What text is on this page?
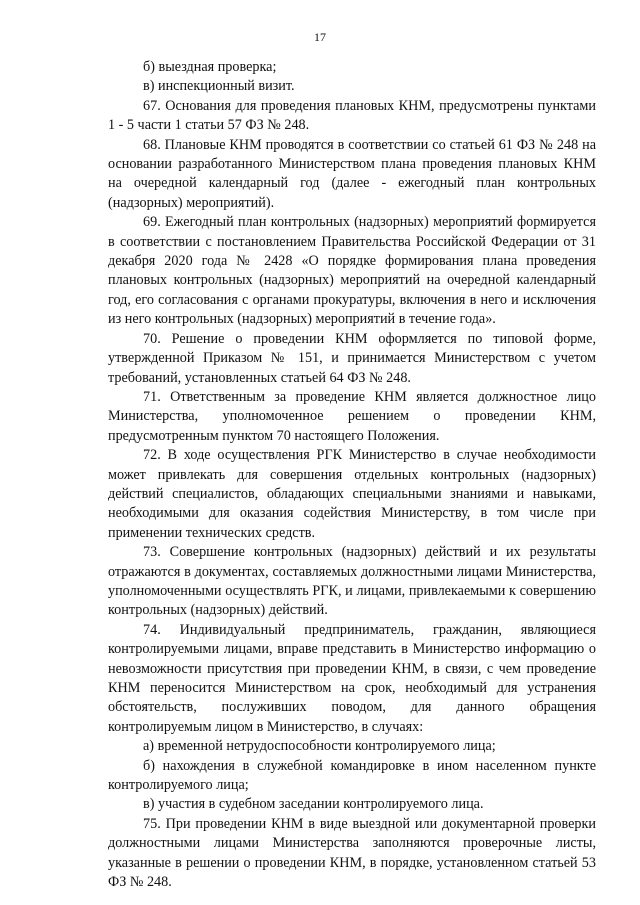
17

б) выездная проверка;

в) инспекционный визит.

67. Основания для проведения плановых КНМ, предусмотрены пунктами 1 - 5 части 1 статьи 57 ФЗ № 248.

68. Плановые КНМ проводятся в соответствии со статьей 61 ФЗ № 248 на основании разработанного Министерством плана проведения плановых КНМ на очередной календарный год (далее - ежегодный план контрольных (надзорных) мероприятий).

69. Ежегодный план контрольных (надзорных) мероприятий формируется в соответствии с постановлением Правительства Российской Федерации от 31 декабря 2020 года № 2428 «О порядке формирования плана проведения плановых контрольных (надзорных) мероприятий на очередной календарный год, его согласования с органами прокуратуры, включения в него и исключения из него контрольных (надзорных) мероприятий в течение года».

70. Решение о проведении КНМ оформляется по типовой форме, утвержденной Приказом № 151, и принимается Министерством с учетом требований, установленных статьей 64 ФЗ № 248.

71. Ответственным за проведение КНМ является должностное лицо Министерства, уполномоченное решением о проведении КНМ, предусмотренным пунктом 70 настоящего Положения.

72. В ходе осуществления РГК Министерство в случае необходимости может привлекать для совершения отдельных контрольных (надзорных) действий специалистов, обладающих специальными знаниями и навыками, необходимыми для оказания содействия Министерству, в том числе при применении технических средств.

73. Совершение контрольных (надзорных) действий и их результаты отражаются в документах, составляемых должностными лицами Министерства, уполномоченными осуществлять РГК, и лицами, привлекаемыми к совершению контрольных (надзорных) действий.

74. Индивидуальный предприниматель, гражданин, являющиеся контролируемыми лицами, вправе представить в Министерство информацию о невозможности присутствия при проведении КНМ, в связи, с чем проведение КНМ переносится Министерством на срок, необходимый для устранения обстоятельств, послуживших поводом, для данного обращения контролируемым лицом в Министерство, в случаях:

а) временной нетрудоспособности контролируемого лица;

б) нахождения в служебной командировке в ином населенном пункте контролируемого лица;

в) участия в судебном заседании контролируемого лица.

75. При проведении КНМ в виде выездной или документарной проверки должностными лицами Министерства заполняются проверочные листы, указанные в решении о проведении КНМ, в порядке, установленном статьей 53 ФЗ № 248.
